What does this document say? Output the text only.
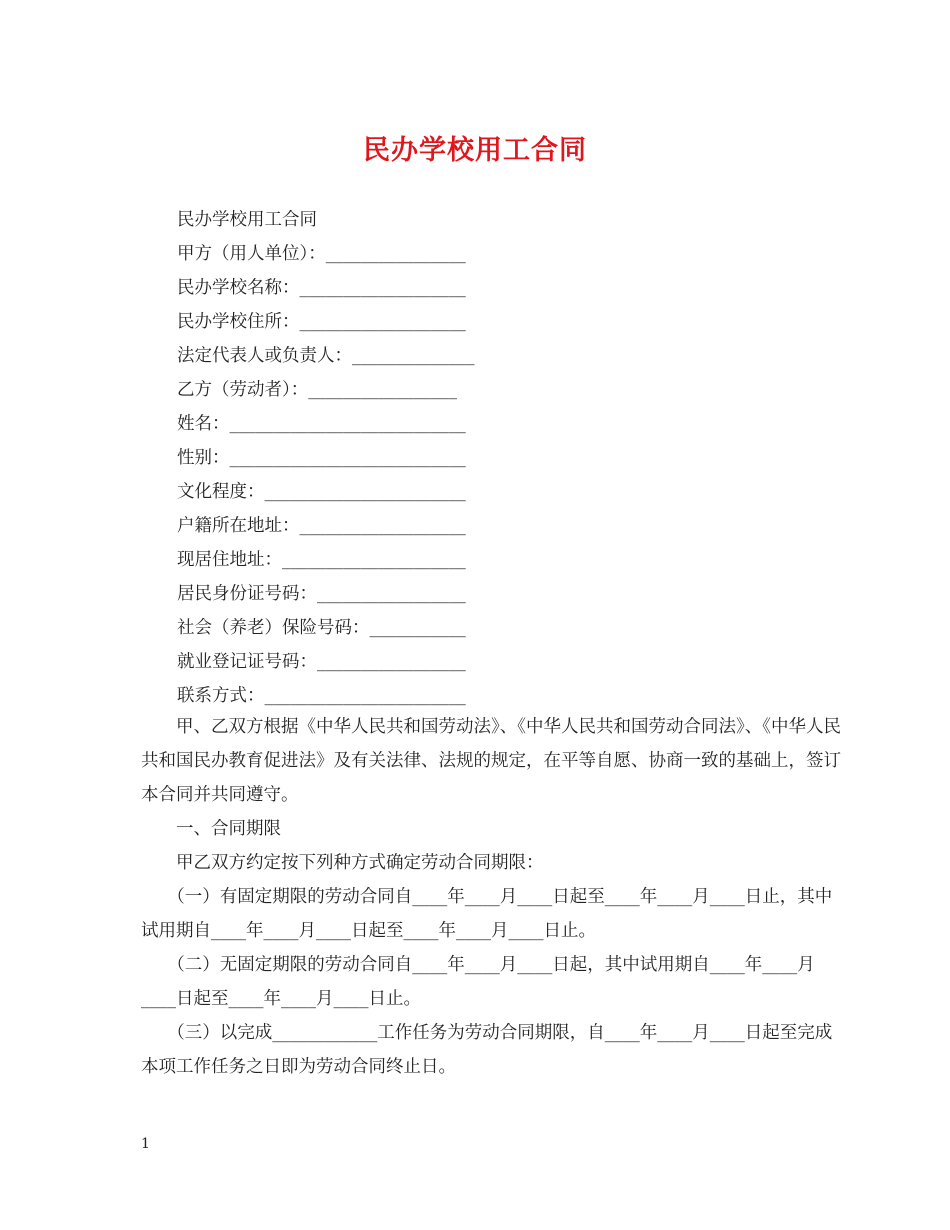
民办学校用工合同
民办学校用工合同
甲方（用人单位）：________________
民办学校名称：___________________
民办学校住所：___________________
法定代表人或负责人：______________
乙方（劳动者）：_________________
姓名：___________________________
性别：___________________________
文化程度：_______________________
户籍所在地址：___________________
现居住地址：_____________________
居民身份证号码：_________________
社会（养老）保险号码：___________
就业登记证号码：_________________
联系方式：_______________________
　　甲、乙双方根据《中华人民共和国劳动法》、《中华人民共和国劳动合同法》、《中华人民共和国民办教育促进法》及有关法律、法规的规定，在平等自愿、协商一致的基础上，签订本合同并共同遵守。
　　一、合同期限
　　甲乙双方约定按下列种方式确定劳动合同期限：
　　（一）有固定期限的劳动合同自____年____月____日起至____年____月____日止，其中试用期自____年____月____日起至____年____月____日止。
　　（二）无固定期限的劳动合同自____年____月____日起，其中试用期自____年____月____日起至____年____月____日止。
　　（三）以完成____________工作任务为劳动合同期限，自____年____月____日起至完成本项工作任务之日即为劳动合同终止日。
1
